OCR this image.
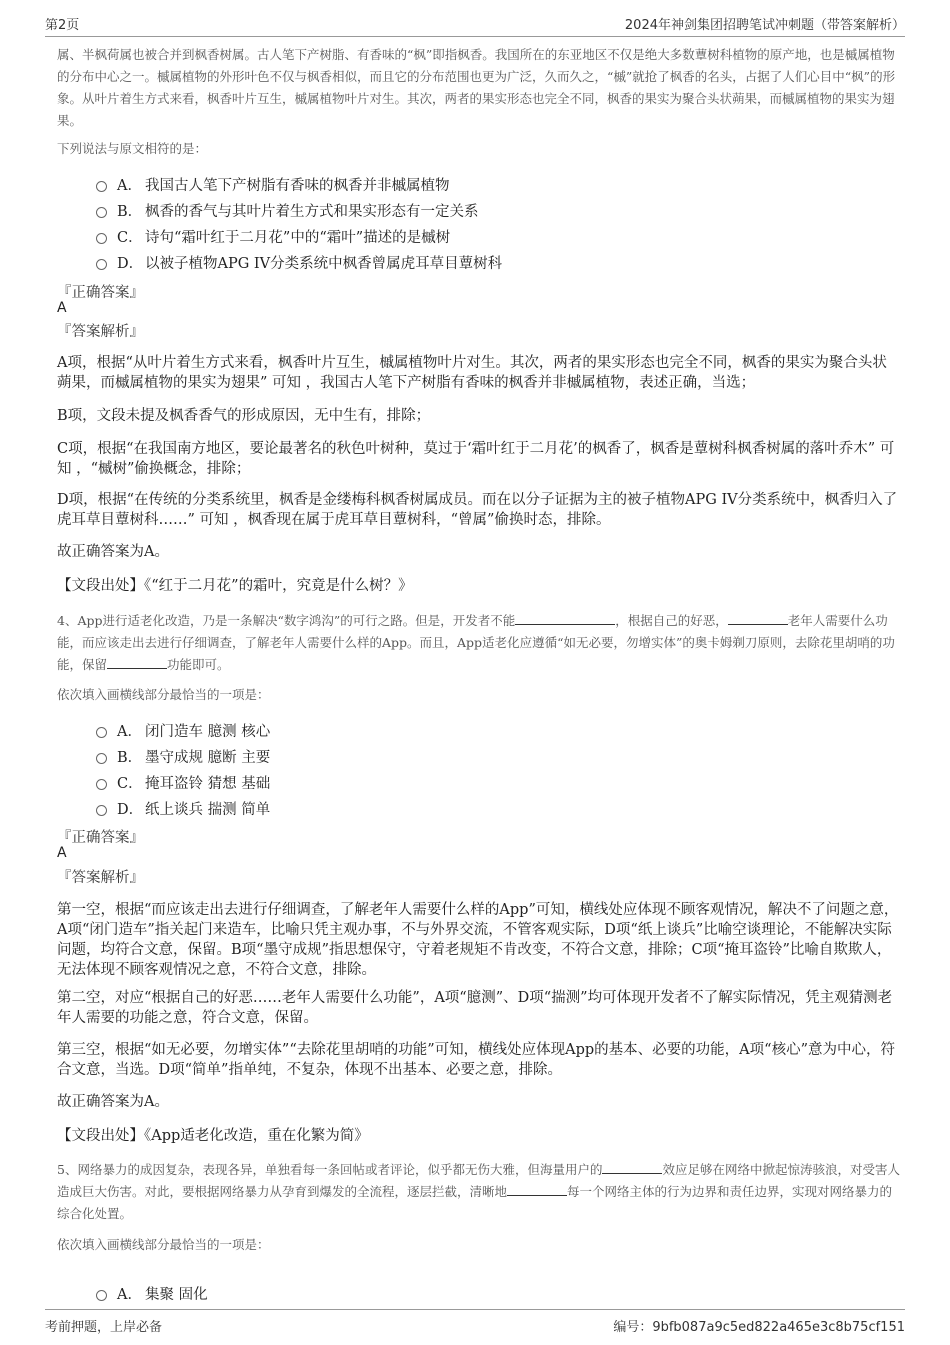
第2页	2024年神剑集团招聘笔试冲刺题（带答案解析）

属、半枫荷属也被合并到枫香树属。古人笔下产树脂、有香味的“枫”即指枫香。我国所在的东亚地区不仅是绝大多数蕈树科植物的原产地，也是槭属植物的分布中心之一。槭属植物的外形叶色不仅与枫香相似，而且它的分布范围也更为广泛，久而久之，“槭”就抢了枫香的名头，占据了人们心目中“枫”的形象。从叶片着生方式来看，枫香叶片互生，槭属植物叶片对生。其次，两者的果实形态也完全不同，枫香的果实为聚合头状蒴果，而槭属植物的果实为翅果。

下列说法与原文相符的是：

A． 我国古人笔下产树脂有香味的枫香并非槭属植物
B． 枫香的香气与其叶片着生方式和果实形态有一定关系
C． 诗句“霜叶红于二月花”中的“霜叶”描述的是槭树
D． 以被子植物APG IV分类系统中枫香曾属虎耳草目蕈树科

『正确答案』

A

『答案解析』

A项，根据“从叶片着生方式来看，枫香叶片互生，槭属植物叶片对生。其次，两者的果实形态也完全不同，枫香的果实为聚合头状蒴果，而槭属植物的果实为翅果” 可知 ，我国古人笔下产树脂有香味的枫香并非槭属植物，表述正确，当选；

B项，文段未提及枫香香气的形成原因，无中生有，排除；

C项，根据“在我国南方地区，要论最著名的秋色叶树种，莫过于‘霜叶红于二月花’的枫香了，枫香是蕈树科枫香树属的落叶乔木” 可知 ，“槭树”偷换概念，排除；

D项，根据“在传统的分类系统里，枫香是金缕梅科枫香树属成员。而在以分子证据为主的被子植物APG IV分类系统中，枫香归入了虎耳草目蕈树科……” 可知 ，枫香现在属于虎耳草目蕈树科，“曾属”偷换时态，排除。

故正确答案为A。

【文段出处】《“红于二月花”的霜叶，究竟是什么树？》

4、App进行适老化改造，乃是一条解决“数字鸿沟”的可行之路。但是，开发者不能	，根据自己的好恶，	老年人需要什么功能，而应该走出去进行仔细调查，了解老年人需要什么样的App。而且，App适老化应遵循“如无必要，勿增实体”的奥卡姆剃刀原则，去除花里胡哨的功能，保留	功能即可。

依次填入画横线部分最恰当的一项是：

A． 闭门造车 臆测 核心
B． 墨守成规 臆断 主要
C． 掩耳盗铃 猜想 基础
D． 纸上谈兵 揣测 简单

『正确答案』

A

『答案解析』

第一空，根据“而应该走出去进行仔细调查，了解老年人需要什么样的App”可知，横线处应体现不顾客观情况，解决不了问题之意，A项“闭门造车”指关起门来造车，比喻只凭主观办事，不与外界交流，不管客观实际，D项“纸上谈兵”比喻空谈理论，不能解决实际问题，均符合文意，保留。B项“墨守成规”指思想保守，守着老规矩不肯改变，不符合文意，排除；C项“掩耳盗铃”比喻自欺欺人，无法体现不顾客观情况之意，不符合文意，排除。

第二空，对应“根据自己的好恶……老年人需要什么功能”，A项“臆测”、D项“揣测”均可体现开发者不了解实际情况，凭主观猜测老年人需要的功能之意，符合文意，保留。

第三空，根据“如无必要，勿增实体”“去除花里胡哨的功能”可知，横线处应体现App的基本、必要的功能，A项“核心”意为中心，符合文意，当选。D项“简单”指单纯，不复杂，体现不出基本、必要之意，排除。

故正确答案为A。

【文段出处】《App适老化改造，重在化繁为简》

5、网络暴力的成因复杂，表现各异，单独看每一条回帖或者评论，似乎都无伤大雅，但海量用户的	效应足够在网络中掀起惊涛骇浪，对受害人造成巨大伤害。对此，要根据网络暴力从孕育到爆发的全流程，逐层拦截，清晰地	每一个网络主体的行为边界和责任边界，实现对网络暴力的综合化处置。

依次填入画横线部分最恰当的一项是：

A． 集聚 固化
考前押题，上岸必备	编号：9bfb087a9c5ed822a465e3c8b75cf151
